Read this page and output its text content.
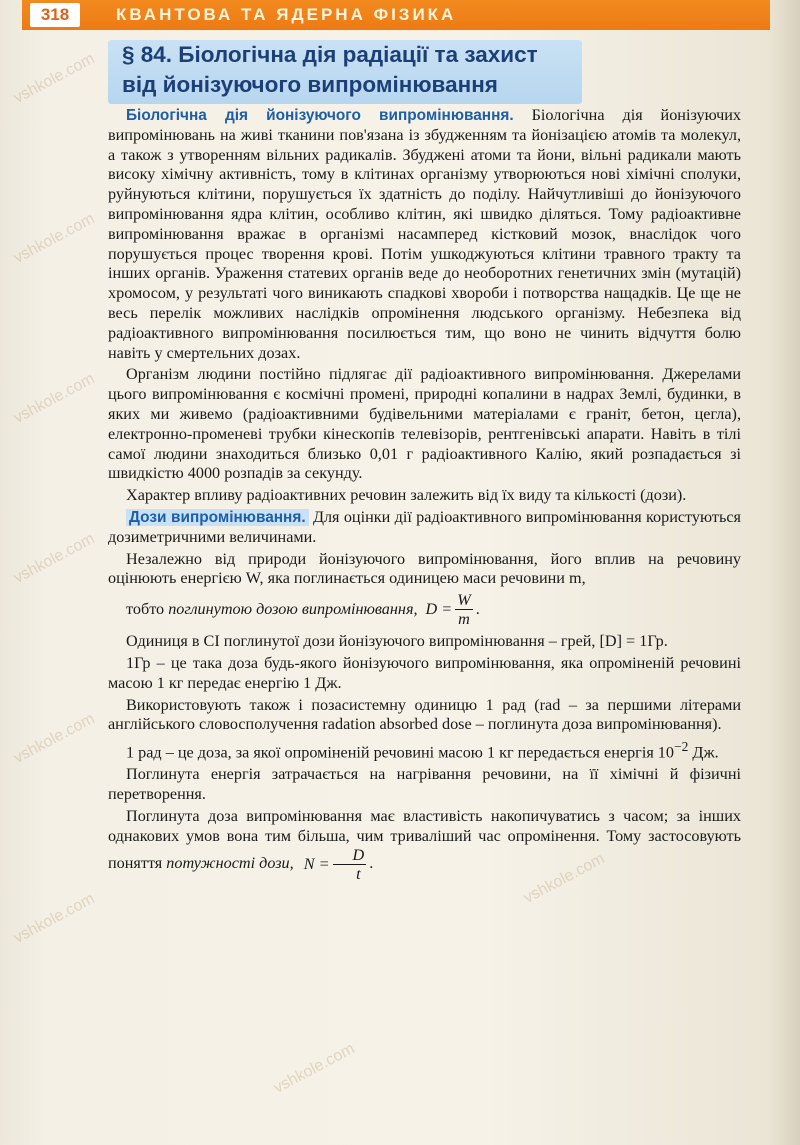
vshkole.com
vshkole.com
vshkole.com
vshkole.com
vshkole.com
vshkole.com
vshkole.com
vshkole.com
318	КВАНТОВА ТА ЯДЕРНА ФІЗИКА
§ 84. Біологічна дія радіації та захист
від йонізуючого випромінювання

Біологічна дія йонізуючого випромінювання. Біологічна дія йонізуючих випромінювань на живі тканини пов'язана із збудженням та йонізацією атомів та молекул, а також з утворенням вільних радикалів. Збуджені атоми та йони, вільні радикали мають високу хімічну активність, тому в клітинах організму утворюються нові хімічні сполуки, руйнуються клітини, порушується їх здатність до поділу. Найчутливіші до йонізуючого випромінювання ядра клітин, особливо клітин, які швидко діляться. Тому радіоактивне випромінювання вражає в організмі насамперед кістковий мозок, внаслідок чого порушується процес творення крові. Потім ушкоджуються клітини травного тракту та інших органів. Ураження статевих органів веде до необоротних генетичних змін (мутацій) хромосом, у результаті чого виникають спадкові хвороби і потворства нащадків. Це ще не весь перелік можливих наслідків опромінення людського організму. Небезпека від радіоактивного випромінювання посилюється тим, що воно не чинить відчуття болю навіть у смертельних дозах.

Організм людини постійно підлягає дії радіоактивного випромінювання. Джерелами цього випромінювання є космічні промені, природні копалини в надрах Землі, будинки, в яких ми живемо (радіоактивними будівельними матеріалами є граніт, бетон, цегла), електронно-променеві трубки кінескопів телевізорів, рентгенівські апарати. Навіть в тілі самої людини знаходиться близько 0,01 г радіоактивного Калію, який розпадається зі швидкістю 4000 розпадів за секунду.

Характер впливу радіоактивних речовин залежить від їх виду та кількості (дози).

Дози випромінювання. Для оцінки дії радіоактивного випромінювання користуються дозиметричними величинами.

Незалежно від природи йонізуючого випромінювання, його вплив на речовину оцінюють енергією W, яка поглинається одиницею маси речовини m,

тобто поглинутою дозою випромінювання, $D = \frac{W}{m}$ .

Одиниця в СІ поглинутої дози йонізуючого випромінювання – грей, [D] = 1Гр.

1Гр – це така доза будь-якого йонізуючого випромінювання, яка опроміненій речовині масою 1 кг передає енергію 1 Дж.

Використовують також і позасистемну одиницю 1 рад (rad – за першими літерами англійського словосполучення radation absorbed dose – поглинута доза випромінювання).

1 рад – це доза, за якої опроміненій речовині масою 1 кг передається енергія $10^{-2}$ Дж.

Поглинута енергія затрачається на нагрівання речовини, на її хімічні й фізичні перетворення.

Поглинута доза випромінювання має властивість накопичуватись з часом; за інших однакових умов вона тим більша, чим триваліший час опромінення. Тому застосовують поняття потужності дози, $N = \frac{D}{t}$ .
